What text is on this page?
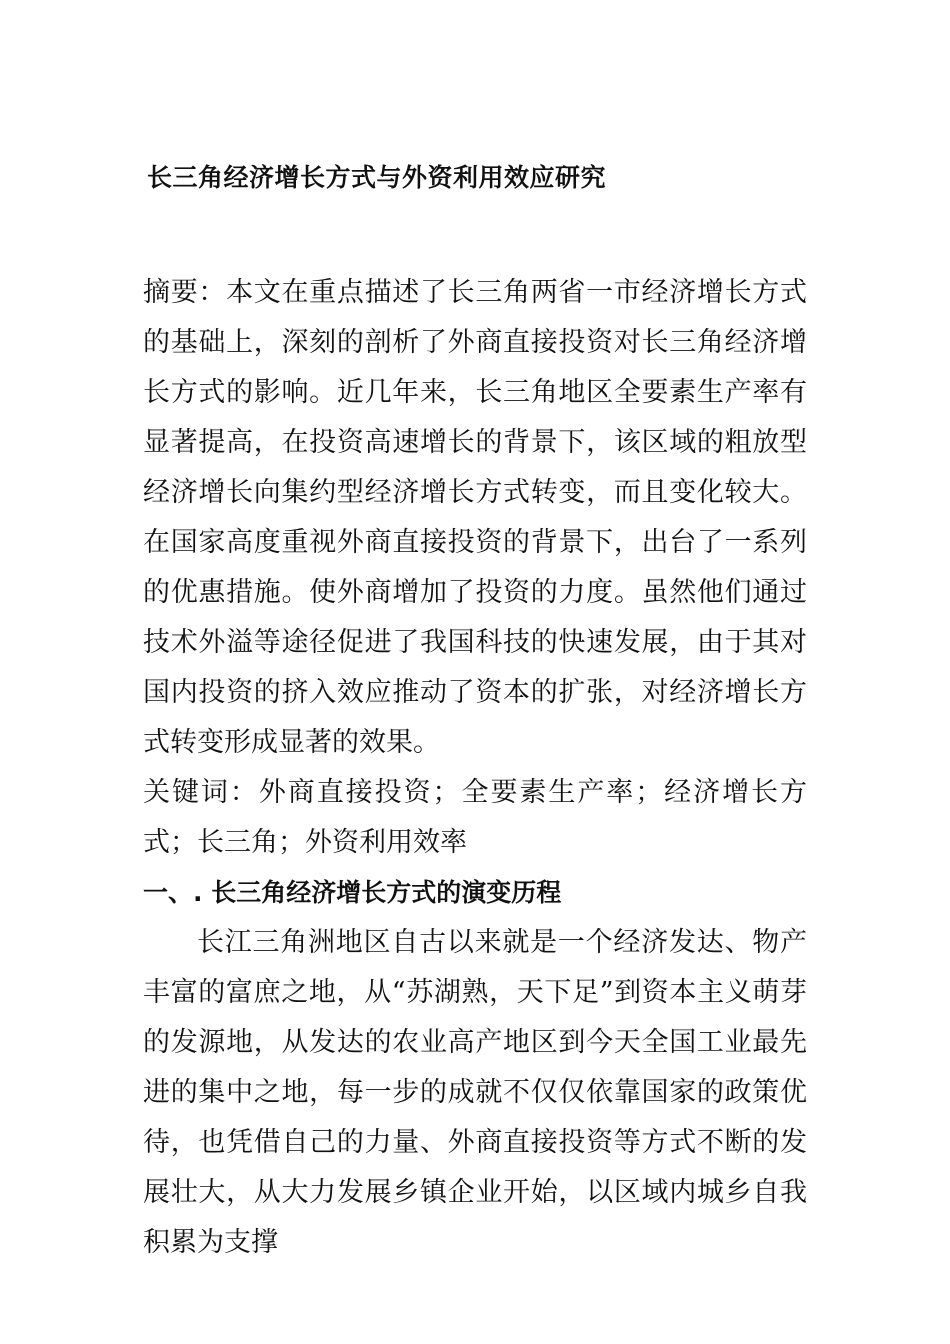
长三角经济增长方式与外资利用效应研究

摘要：本文在重点描述了长三角两省一市经济增长方式的基础上，深刻的剖析了外商直接投资对长三角经济增长方式的影响。近几年来，长三角地区全要素生产率有显著提高，在投资高速增长的背景下，该区域的粗放型经济增长向集约型经济增长方式转变，而且变化较大。在国家高度重视外商直接投资的背景下，出台了一系列的优惠措施。使外商增加了投资的力度。虽然他们通过技术外溢等途径促进了我国科技的快速发展，由于其对国内投资的挤入效应推动了资本的扩张，对经济增长方式转变形成显著的效果。

关键词：外商直接投资；全要素生产率；经济增长方式；长三角；外资利用效率

一、. 长三角经济增长方式的演变历程

长江三角洲地区自古以来就是一个经济发达、物产丰富的富庶之地，从“苏湖熟，天下足”到资本主义萌芽的发源地，从发达的农业高产地区到今天全国工业最先进的集中之地，每一步的成就不仅仅依靠国家的政策优待，也凭借自己的力量、外商直接投资等方式不断的发展壮大，从大力发展乡镇企业开始，以区域内城乡自我积累为支撑
